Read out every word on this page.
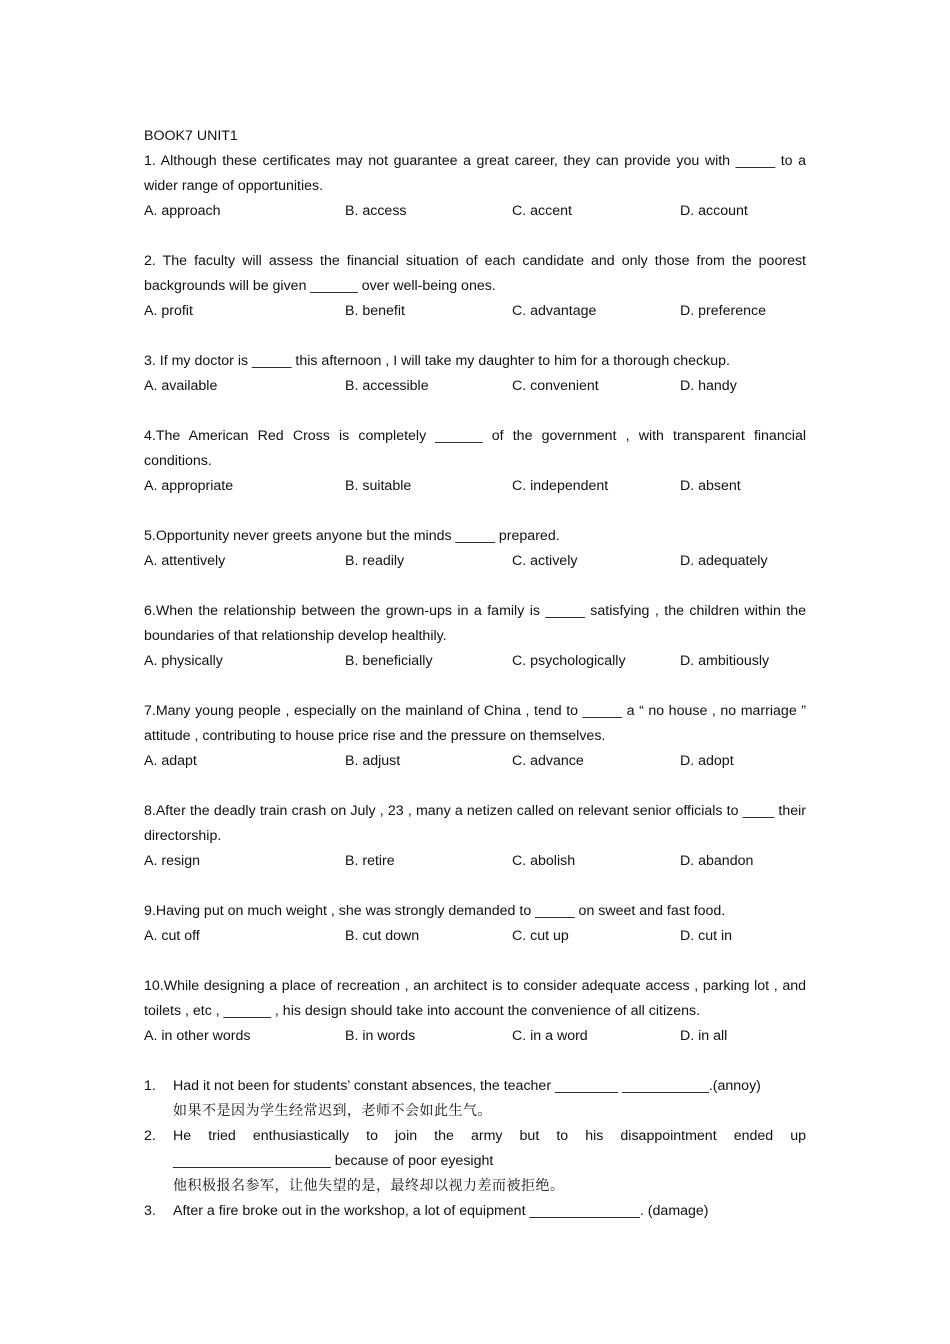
BOOK7 UNIT1
1. Although these certificates may not guarantee a great career, they can provide you with _____ to a wider range of opportunities.
A. approach	B. access	C. accent	D. account
2. The faculty will assess the financial situation of each candidate and only those from the poorest backgrounds will be given ______ over well-being ones.
A. profit	B. benefit	C. advantage	D. preference
3. If my doctor is _____ this afternoon , I will take my daughter to him for a thorough checkup.
A. available	B. accessible	C. convenient	D. handy
4.The American Red Cross is completely ______ of the government , with transparent financial conditions.
A. appropriate	B. suitable	C. independent	D. absent
5.Opportunity never greets anyone but the minds _____ prepared.
A. attentively	B. readily	C. actively	D. adequately
6.When the relationship between the grown-ups in a family is _____ satisfying , the children within the boundaries of that relationship develop healthily.
A. physically	B. beneficially	C. psychologically	D. ambitiously
7.Many young people , especially on the mainland of China , tend to _____ a “ no house , no marriage ” attitude , contributing to house price rise and the pressure on themselves.
A. adapt	B. adjust	C. advance	D. adopt
8.After the deadly train crash on July , 23 , many a netizen called on relevant senior officials to ____ their directorship.
A. resign	B. retire	C. abolish	D. abandon
9.Having put on much weight , she was strongly demanded to _____ on sweet and fast food.
A. cut off	B. cut down	C. cut up	D. cut in
10.While designing a place of recreation , an architect is to consider adequate access , parking lot , and toilets , etc , ______ , his design should take into account the convenience of all citizens.
A. in other words	B. in words	C. in a word	D. in all
1.	Had it not been for students’ constant absences, the teacher ________ ___________.(annoy)
如果不是因为学生经常迟到，老师不会如此生气。
2.	He tried enthusiastically to join the army but to his disappointment ended up ____________________ because of poor eyesight
他积极报名参军，让他失望的是，最终却以视力差而被拒绝。
3.	After a fire broke out in the workshop, a lot of equipment ______________. (damage)
